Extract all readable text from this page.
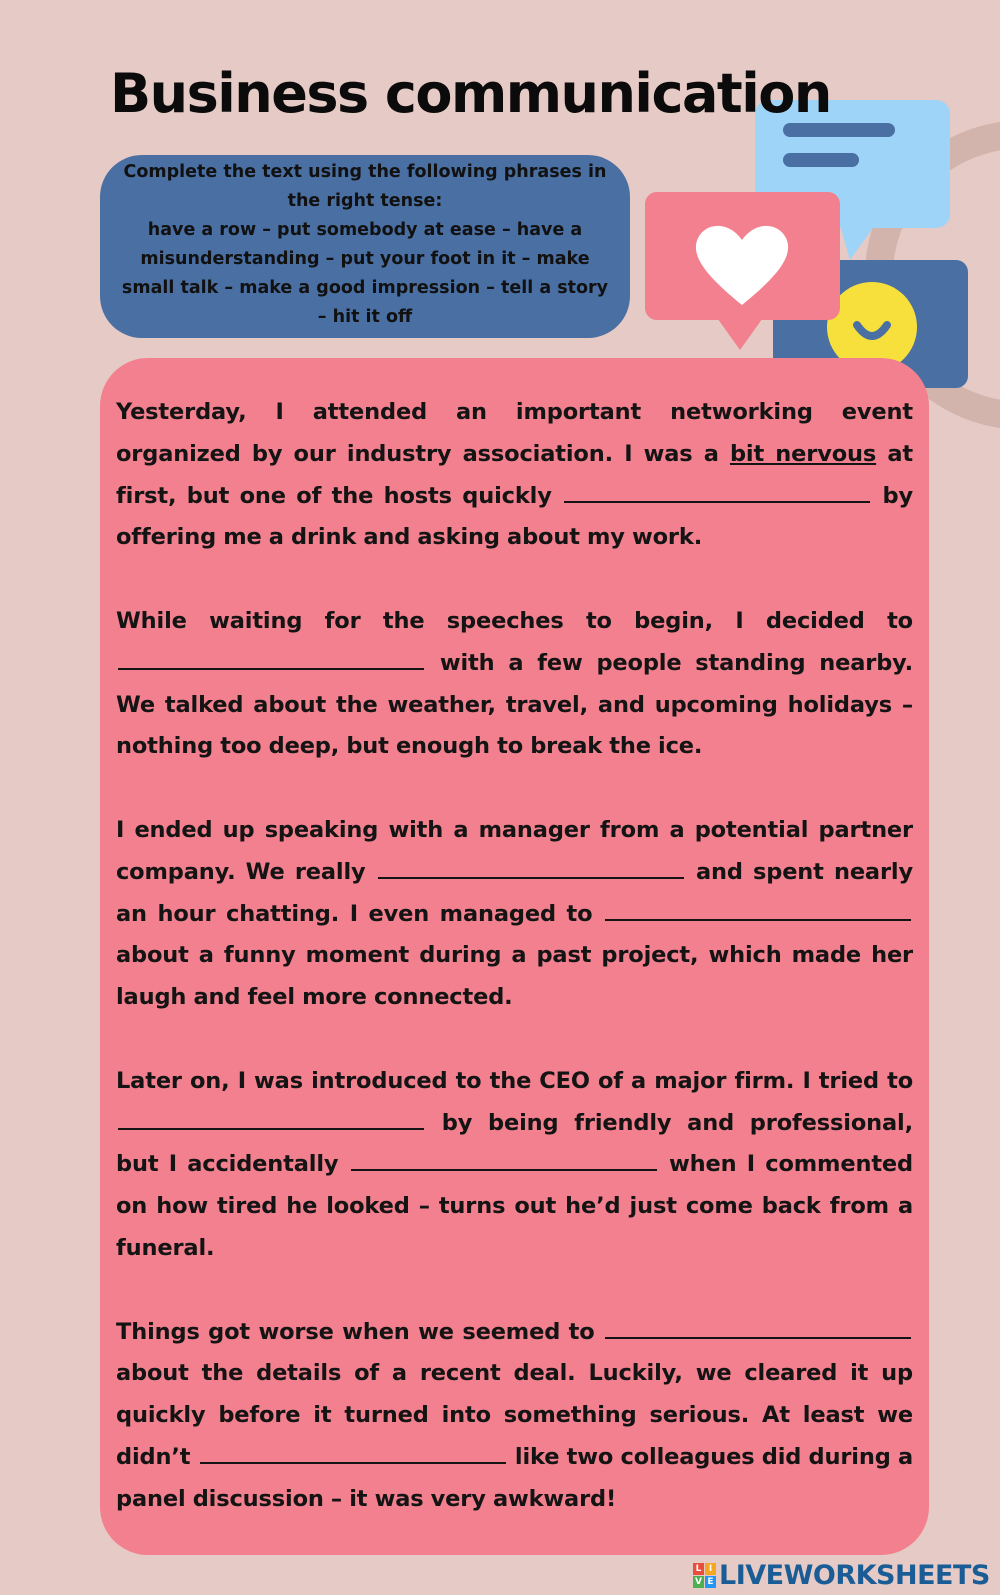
Business communication

Complete the text using the following phrases in the right tense:

have a row – put somebody at ease – have a misunderstanding – put your foot in it – make small talk – make a good impression – tell a story – hit it off

Yesterday, I attended an important networking event organized by our industry association. I was a bit nervous at first, but one of the hosts quickly	by offering me a drink and asking about my work.

While waiting for the speeches to begin, I decided to  with a few people standing nearby. We talked about the weather, travel, and upcoming holidays – nothing too deep, but enough to break the ice.

I ended up speaking with a manager from a potential partner company. We really	and spent nearly an hour chatting. I even managed to  about a funny moment during a past project, which made her laugh and feel more connected.

Later on, I was introduced to the CEO of a major firm. I tried to  by being friendly and professional, but I accidentally	when I commented on how tired he looked – turns out he’d just come back from a funeral.

Things got worse when we seemed to  about the details of a recent deal. Luckily, we cleared it up quickly before it turned into something serious. At least we didn’t	like two colleagues did during a panel discussion – it was very awkward!

L I
V E LIVEWORKSHEETS
